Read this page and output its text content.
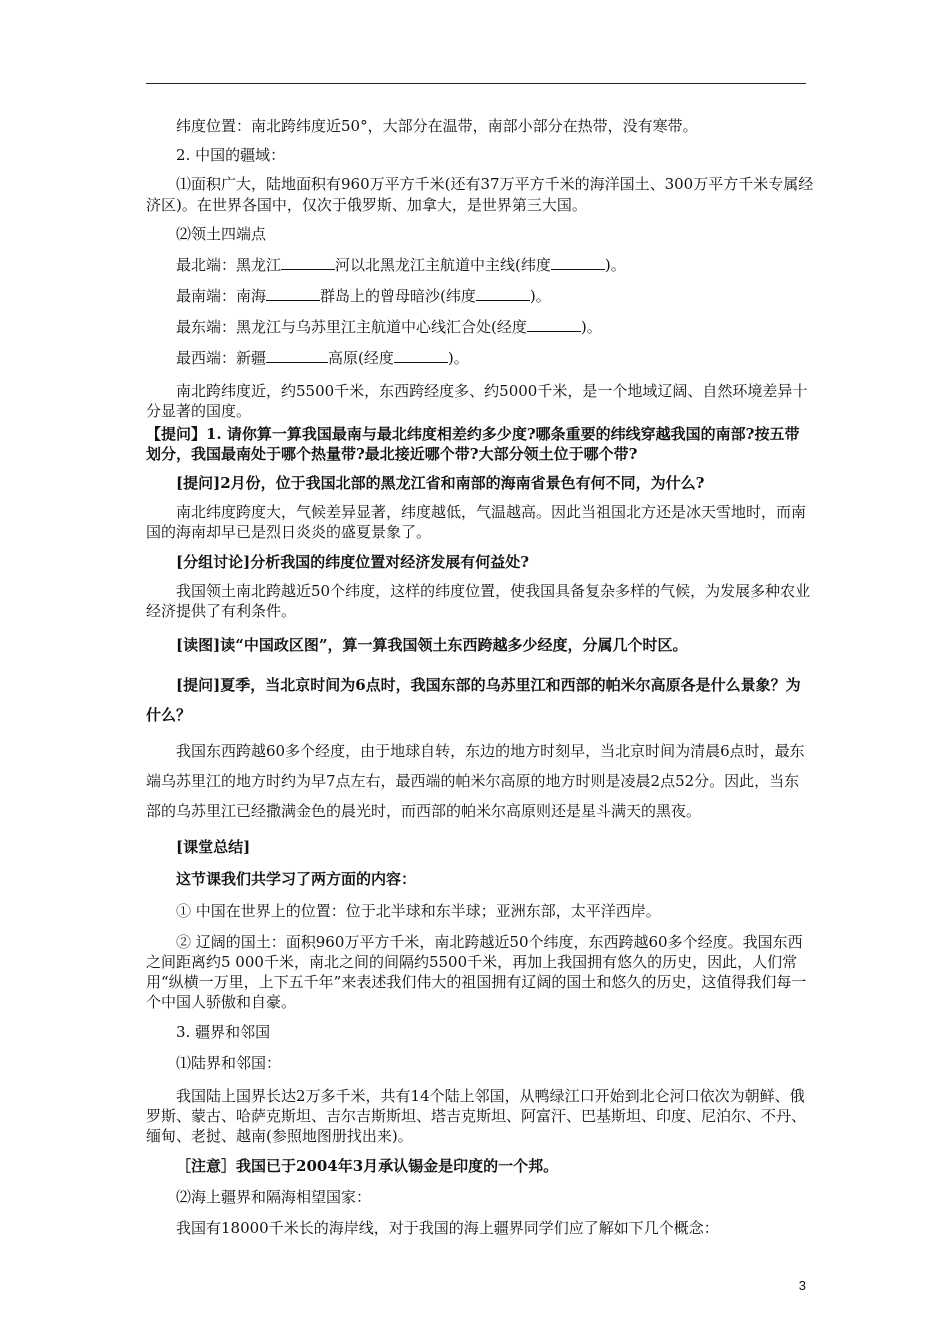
纬度位置：南北跨纬度近50°，大部分在温带，南部小部分在热带，没有寒带。

2. 中国的疆域：

⑴面积广大，陆地面积有960万平方千米(还有37万平方千米的海洋国土、300万平方千米专属经济区)。在世界各国中，仅次于俄罗斯、加拿大，是世界第三大国。

⑵领土四端点

最北端：黑龙江	河以北黑龙江主航道中主线(纬度	)。

最南端：南海	群岛上的曾母暗沙(纬度	)。

最东端：黑龙江与乌苏里江主航道中心线汇合处(经度	)。

最西端：新疆	高原(经度	)。

南北跨纬度近，约5500千米，东西跨经度多、约5000千米，是一个地域辽阔、自然环境差异十分显著的国度。

【提问】1. 请你算一算我国最南与最北纬度相差约多少度?哪条重要的纬线穿越我国的南部?按五带划分，我国最南处于哪个热量带?最北接近哪个带?大部分领土位于哪个带?

[提问]2月份，位于我国北部的黑龙江省和南部的海南省景色有何不同，为什么?

南北纬度跨度大，气候差异显著，纬度越低，气温越高。因此当祖国北方还是冰天雪地时，而南国的海南却早已是烈日炎炎的盛夏景象了。

[分组讨论]分析我国的纬度位置对经济发展有何益处?

我国领土南北跨越近50个纬度，这样的纬度位置，使我国具备复杂多样的气候，为发展多种农业经济提供了有利条件。

[读图]读“中国政区图”，算一算我国领土东西跨越多少经度，分属几个时区。

[提问]夏季，当北京时间为6点时，我国东部的乌苏里江和西部的帕米尔高原各是什么景象？为什么？

我国东西跨越60多个经度，由于地球自转，东边的地方时刻早，当北京时间为清晨6点时，最东端乌苏里江的地方时约为早7点左右，最西端的帕米尔高原的地方时则是凌晨2点52分。因此，当东部的乌苏里江已经撒满金色的晨光时，而西部的帕米尔高原则还是星斗满天的黑夜。

[课堂总结]

这节课我们共学习了两方面的内容：

① 中国在世界上的位置：位于北半球和东半球；亚洲东部，太平洋西岸。

② 辽阔的国土：面积960万平方千米，南北跨越近50个纬度，东西跨越60多个经度。我国东西之间距离约5 000千米，南北之间的间隔约5500千米，再加上我国拥有悠久的历史，因此，人们常用“纵横一万里，上下五千年”来表述我们伟大的祖国拥有辽阔的国土和悠久的历史，这值得我们每一个中国人骄傲和自豪。

3. 疆界和邻国

⑴陆界和邻国：

我国陆上国界长达2万多千米，共有14个陆上邻国，从鸭绿江口开始到北仑河口依次为朝鲜、俄罗斯、蒙古、哈萨克斯坦、吉尔吉斯斯坦、塔吉克斯坦、阿富汗、巴基斯坦、印度、尼泊尔、不丹、缅甸、老挝、越南(参照地图册找出来)。

［注意］我国已于2004年3月承认锡金是印度的一个邦。

⑵海上疆界和隔海相望国家：

我国有18000千米长的海岸线，对于我国的海上疆界同学们应了解如下几个概念：

3
